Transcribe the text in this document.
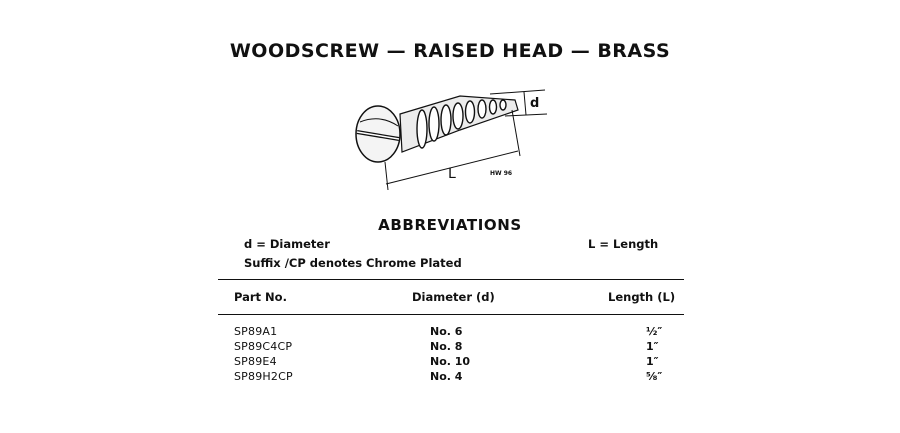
WOODSCREW — RAISED HEAD — BRASS
d
L	HW 96
ABBREVIATIONS
d = Diameter	L = Length
Suffix /CP denotes Chrome Plated
Part No.	Diameter (d)	Length (L)
SP89A1	No. 6	½″
SP89C4CP	No. 8	1″
SP89E4	No. 10	1″
SP89H2CP	No. 4	⅝″
